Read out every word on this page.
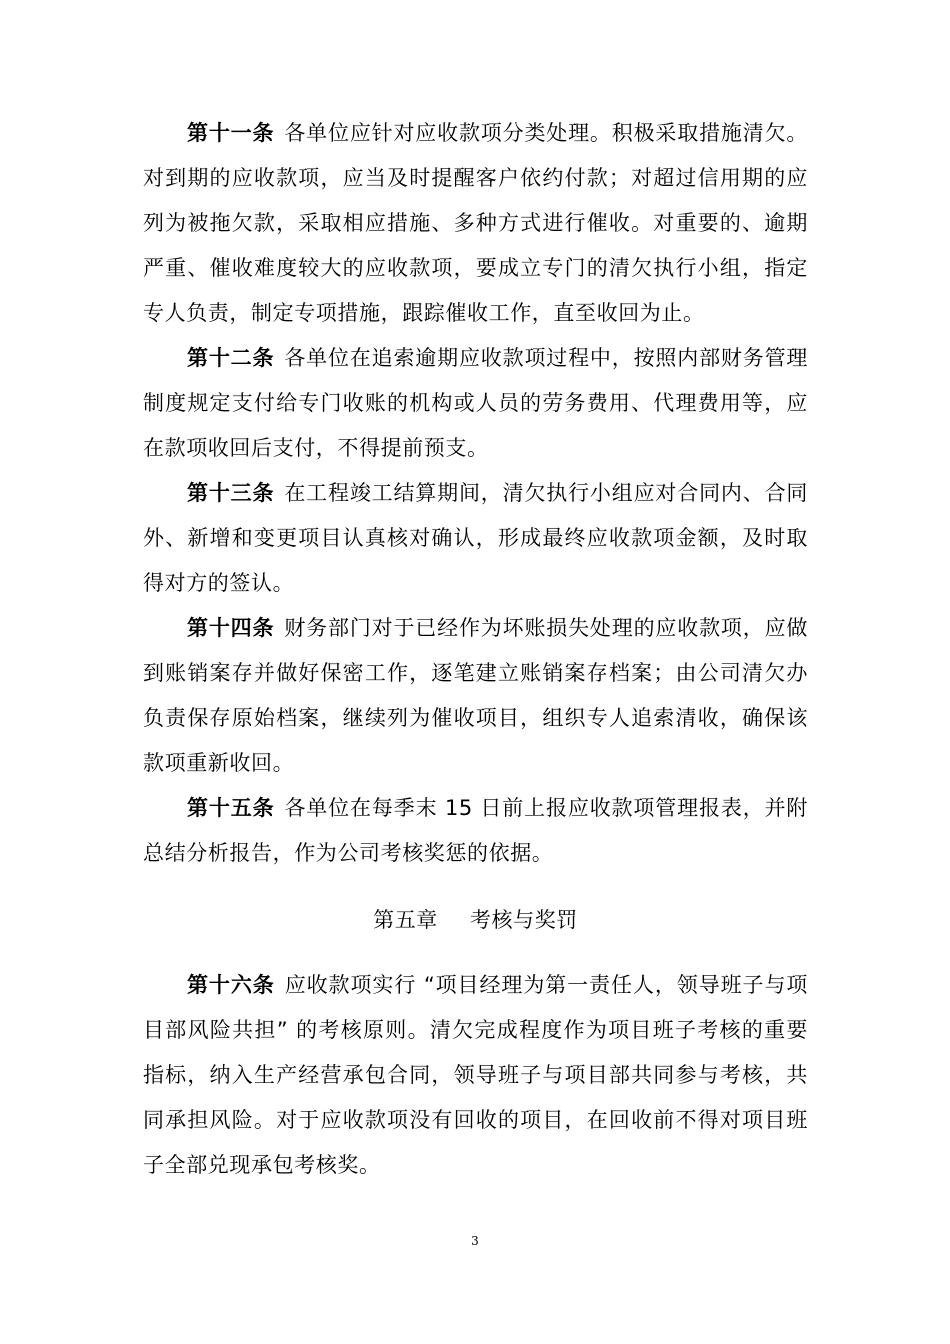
第十一条 各单位应针对应收款项分类处理。积极采取措施清欠。对到期的应收款项，应当及时提醒客户依约付款；对超过信用期的应列为被拖欠款，采取相应措施、多种方式进行催收。对重要的、逾期严重、催收难度较大的应收款项，要成立专门的清欠执行小组，指定专人负责，制定专项措施，跟踪催收工作，直至收回为止。

第十二条 各单位在追索逾期应收款项过程中，按照内部财务管理制度规定支付给专门收账的机构或人员的劳务费用、代理费用等，应在款项收回后支付，不得提前预支。

第十三条 在工程竣工结算期间，清欠执行小组应对合同内、合同外、新增和变更项目认真核对确认，形成最终应收款项金额，及时取得对方的签认。

第十四条 财务部门对于已经作为坏账损失处理的应收款项，应做到账销案存并做好保密工作，逐笔建立账销案存档案；由公司清欠办负责保存原始档案，继续列为催收项目，组织专人追索清收，确保该款项重新收回。

第十五条 各单位在每季末 15 日前上报应收款项管理报表，并附总结分析报告，作为公司考核奖惩的依据。

第五章 考核与奖罚

第十六条 应收款项实行 “项目经理为第一责任人，领导班子与项目部风险共担” 的考核原则。清欠完成程度作为项目班子考核的重要指标，纳入生产经营承包合同，领导班子与项目部共同参与考核，共同承担风险。对于应收款项没有回收的项目，在回收前不得对项目班子全部兑现承包考核奖。

3
